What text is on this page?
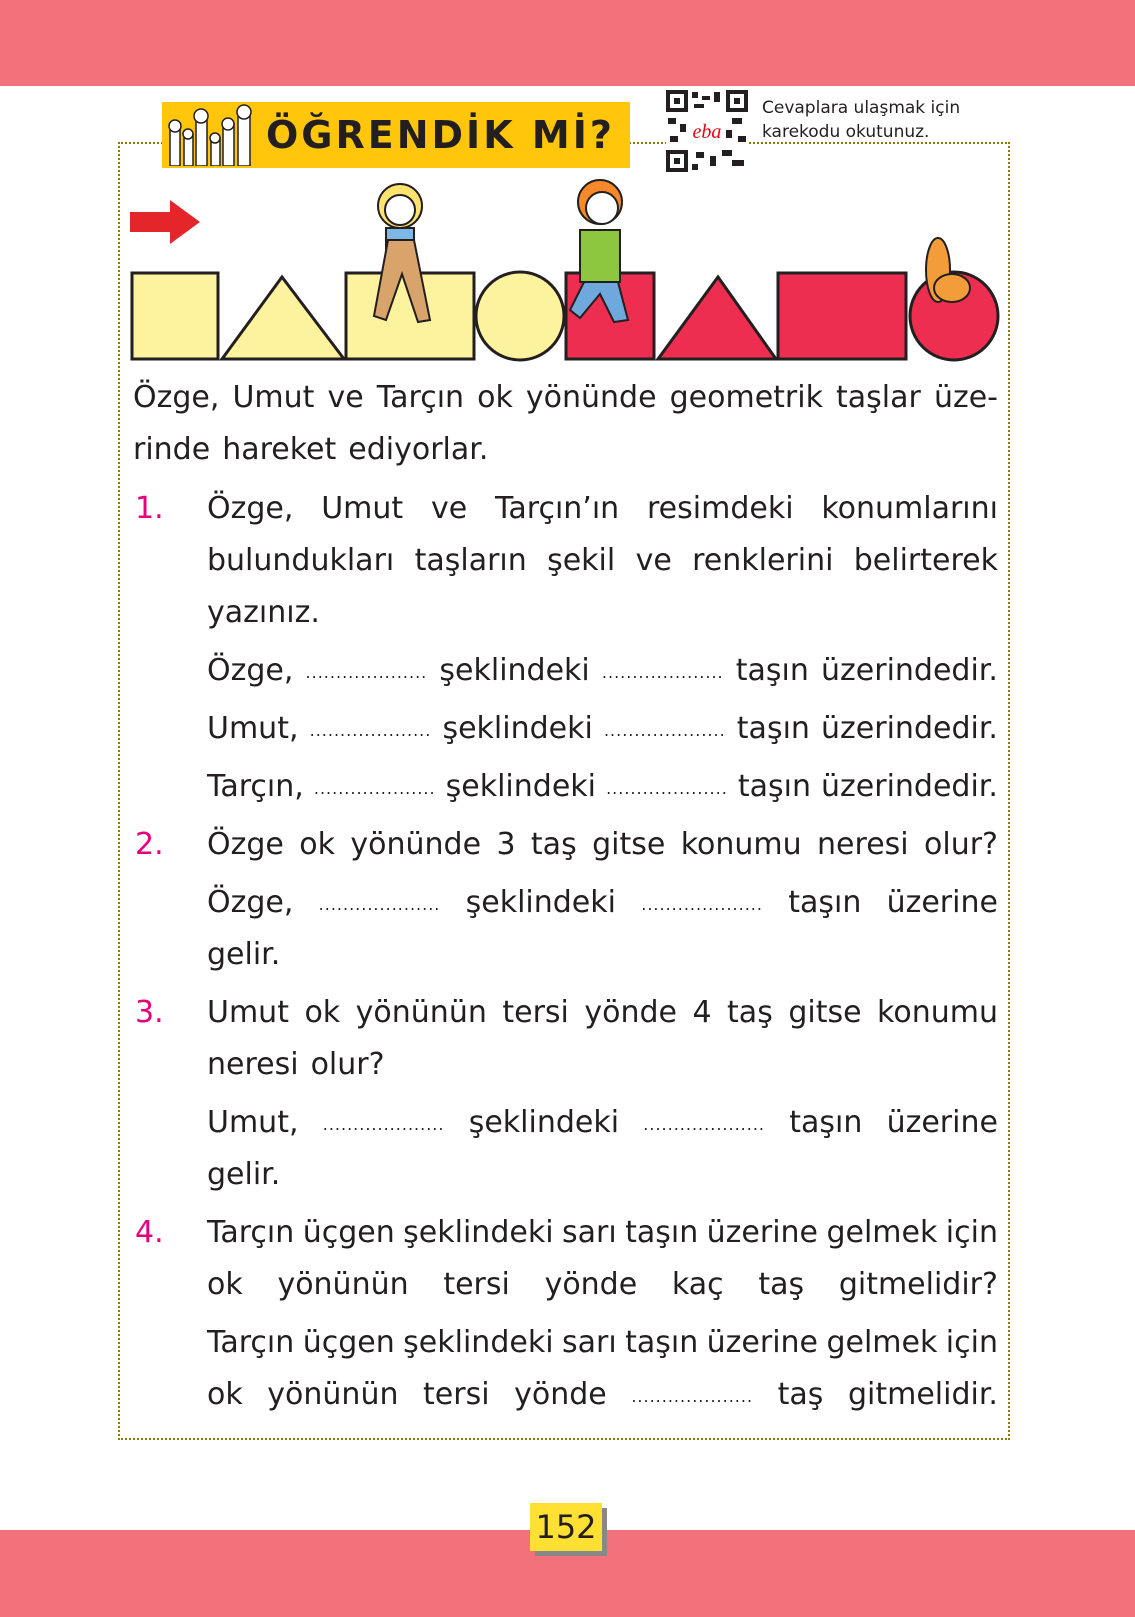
ÖĞRENDİK Mİ?	eba
Cevaplara ulaşmak için
karekodu okutunuz.
Özge, Umut ve Tarçın ok yönünde geometrik taşlar üze-
rinde hareket ediyorlar.
1. Özge, Umut ve Tarçın’ın resimdeki konumlarını
bulundukları taşların şekil ve renklerini belirterek
yazınız.
Özge, .................... şeklindeki .................... taşın üzerindedir.
Umut, .................... şeklindeki .................... taşın üzerindedir.
Tarçın, .................... şeklindeki .................... taşın üzerindedir.
2. Özge ok yönünde 3 taş gitse konumu neresi olur?
Özge, .................... şeklindeki .................... taşın üzerine
gelir.
3. Umut ok yönünün tersi yönde 4 taş gitse konumu
neresi olur?
Umut, .................... şeklindeki .................... taşın üzerine
gelir.
4. Tarçın üçgen şeklindeki sarı taşın üzerine gelmek için
ok yönünün tersi yönde kaç taş gitmelidir?
Tarçın üçgen şeklindeki sarı taşın üzerine gelmek için
ok yönünün tersi yönde .................... taş gitmelidir.
152
